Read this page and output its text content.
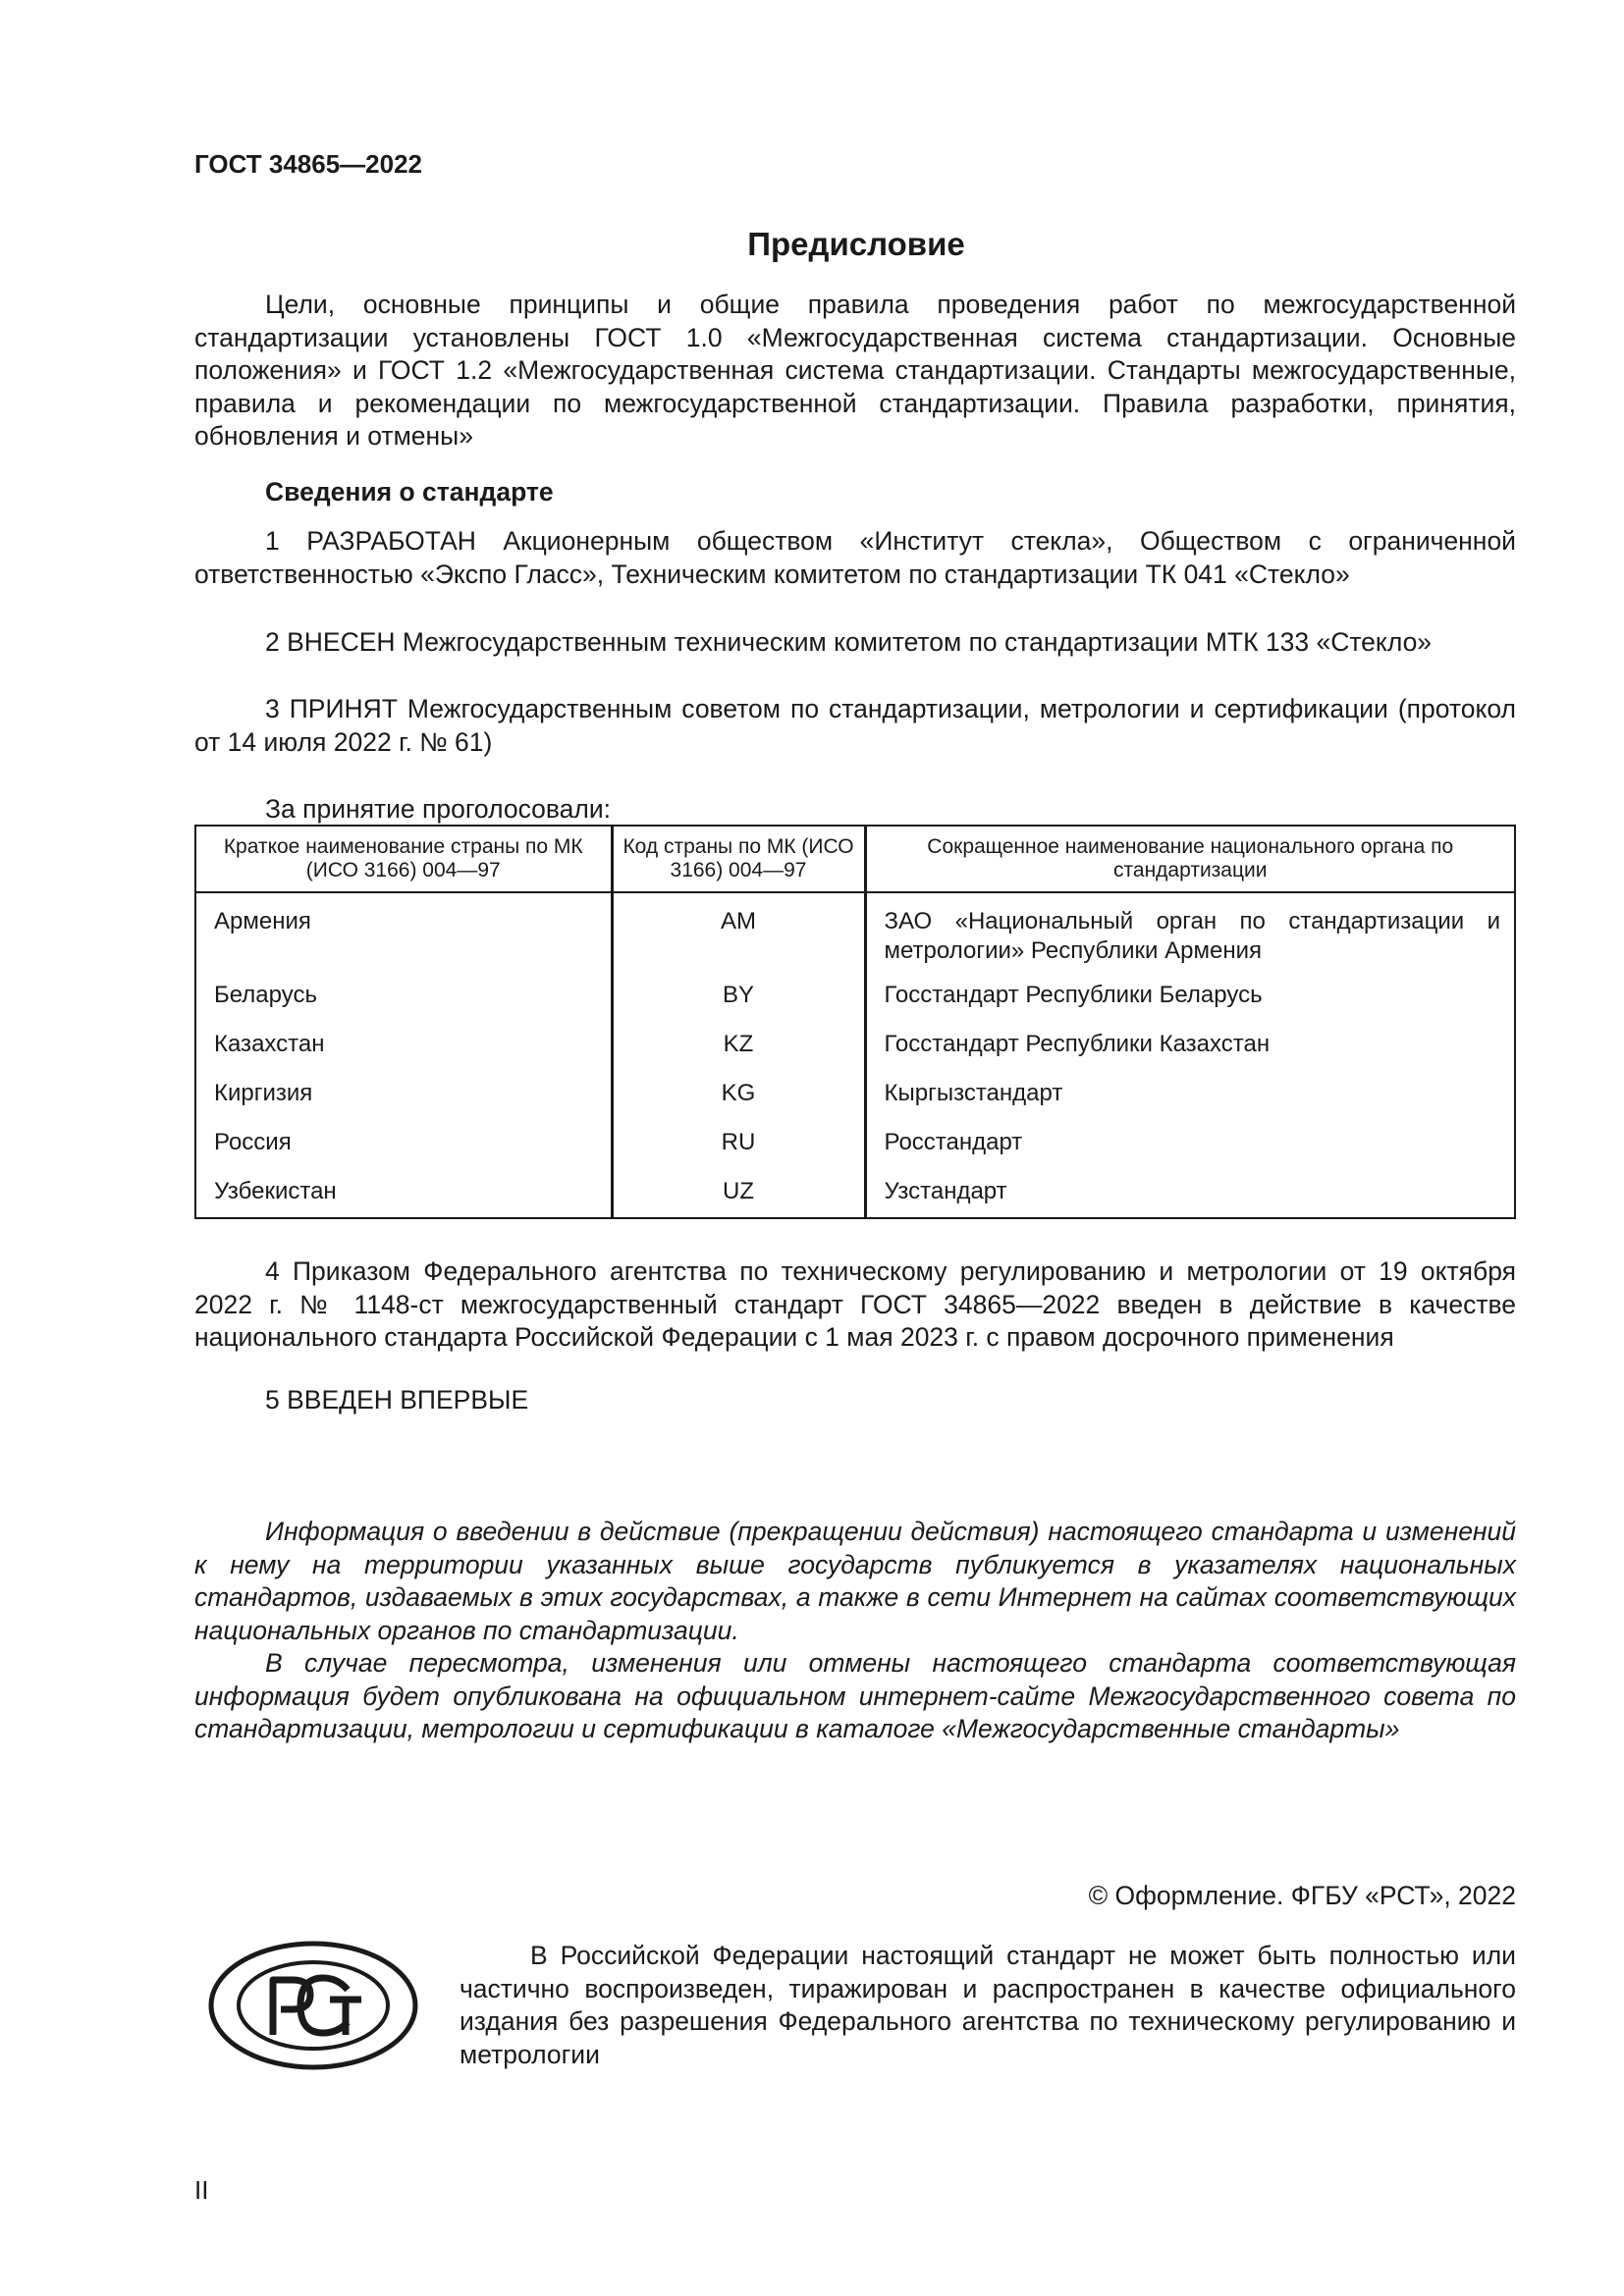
ГОСТ 34865—2022
Предисловие
Цели, основные принципы и общие правила проведения работ по межгосударственной стандартизации установлены ГОСТ 1.0 «Межгосударственная система стандартизации. Основные положения» и ГОСТ 1.2 «Межгосударственная система стандартизации. Стандарты межгосударственные, правила и рекомендации по межгосударственной стандартизации. Правила разработки, принятия, обновления и отмены»
Сведения о стандарте
1 РАЗРАБОТАН Акционерным обществом «Институт стекла», Обществом с ограниченной ответственностью «Экспо Гласс», Техническим комитетом по стандартизации ТК 041 «Стекло»
2 ВНЕСЕН Межгосударственным техническим комитетом по стандартизации МТК 133 «Стекло»
3 ПРИНЯТ Межгосударственным советом по стандартизации, метрологии и сертификации (протокол от 14 июля 2022 г. № 61)
За принятие проголосовали:
Краткое наименование страны по МК (ИСО 3166) 004—97	Код страны по МК (ИСО 3166) 004—97	Сокращенное наименование национального органа по стандартизации
Армения	AM	ЗАО «Национальный орган по стандартизации и метрологии» Республики Армения
Беларусь	BY	Госстандарт Республики Беларусь
Казахстан	KZ	Госстандарт Республики Казахстан
Киргизия	KG	Кыргызстандарт
Россия	RU	Росстандарт
Узбекистан	UZ	Узстандарт
4 Приказом Федерального агентства по техническому регулированию и метрологии от 19 октября 2022 г. № 1148-ст межгосударственный стандарт ГОСТ 34865—2022 введен в действие в качестве национального стандарта Российской Федерации с 1 мая 2023 г. с правом досрочного применения
5 ВВЕДЕН ВПЕРВЫЕ
Информация о введении в действие (прекращении действия) настоящего стандарта и изменений к нему на территории указанных выше государств публикуется в указателях национальных стандартов, издаваемых в этих государствах, а также в сети Интернет на сайтах соответствующих национальных органов по стандартизации.
В случае пересмотра, изменения или отмены настоящего стандарта соответствующая информация будет опубликована на официальном интернет-сайте Межгосударственного совета по стандартизации, метрологии и сертификации в каталоге «Межгосударственные стандарты»
© Оформление. ФГБУ «РСТ», 2022
В Российской Федерации настоящий стандарт не может быть полностью или частично воспроизведен, тиражирован и распространен в качестве официального издания без разрешения Федерального агентства по техническому регулированию и метрологии
II
